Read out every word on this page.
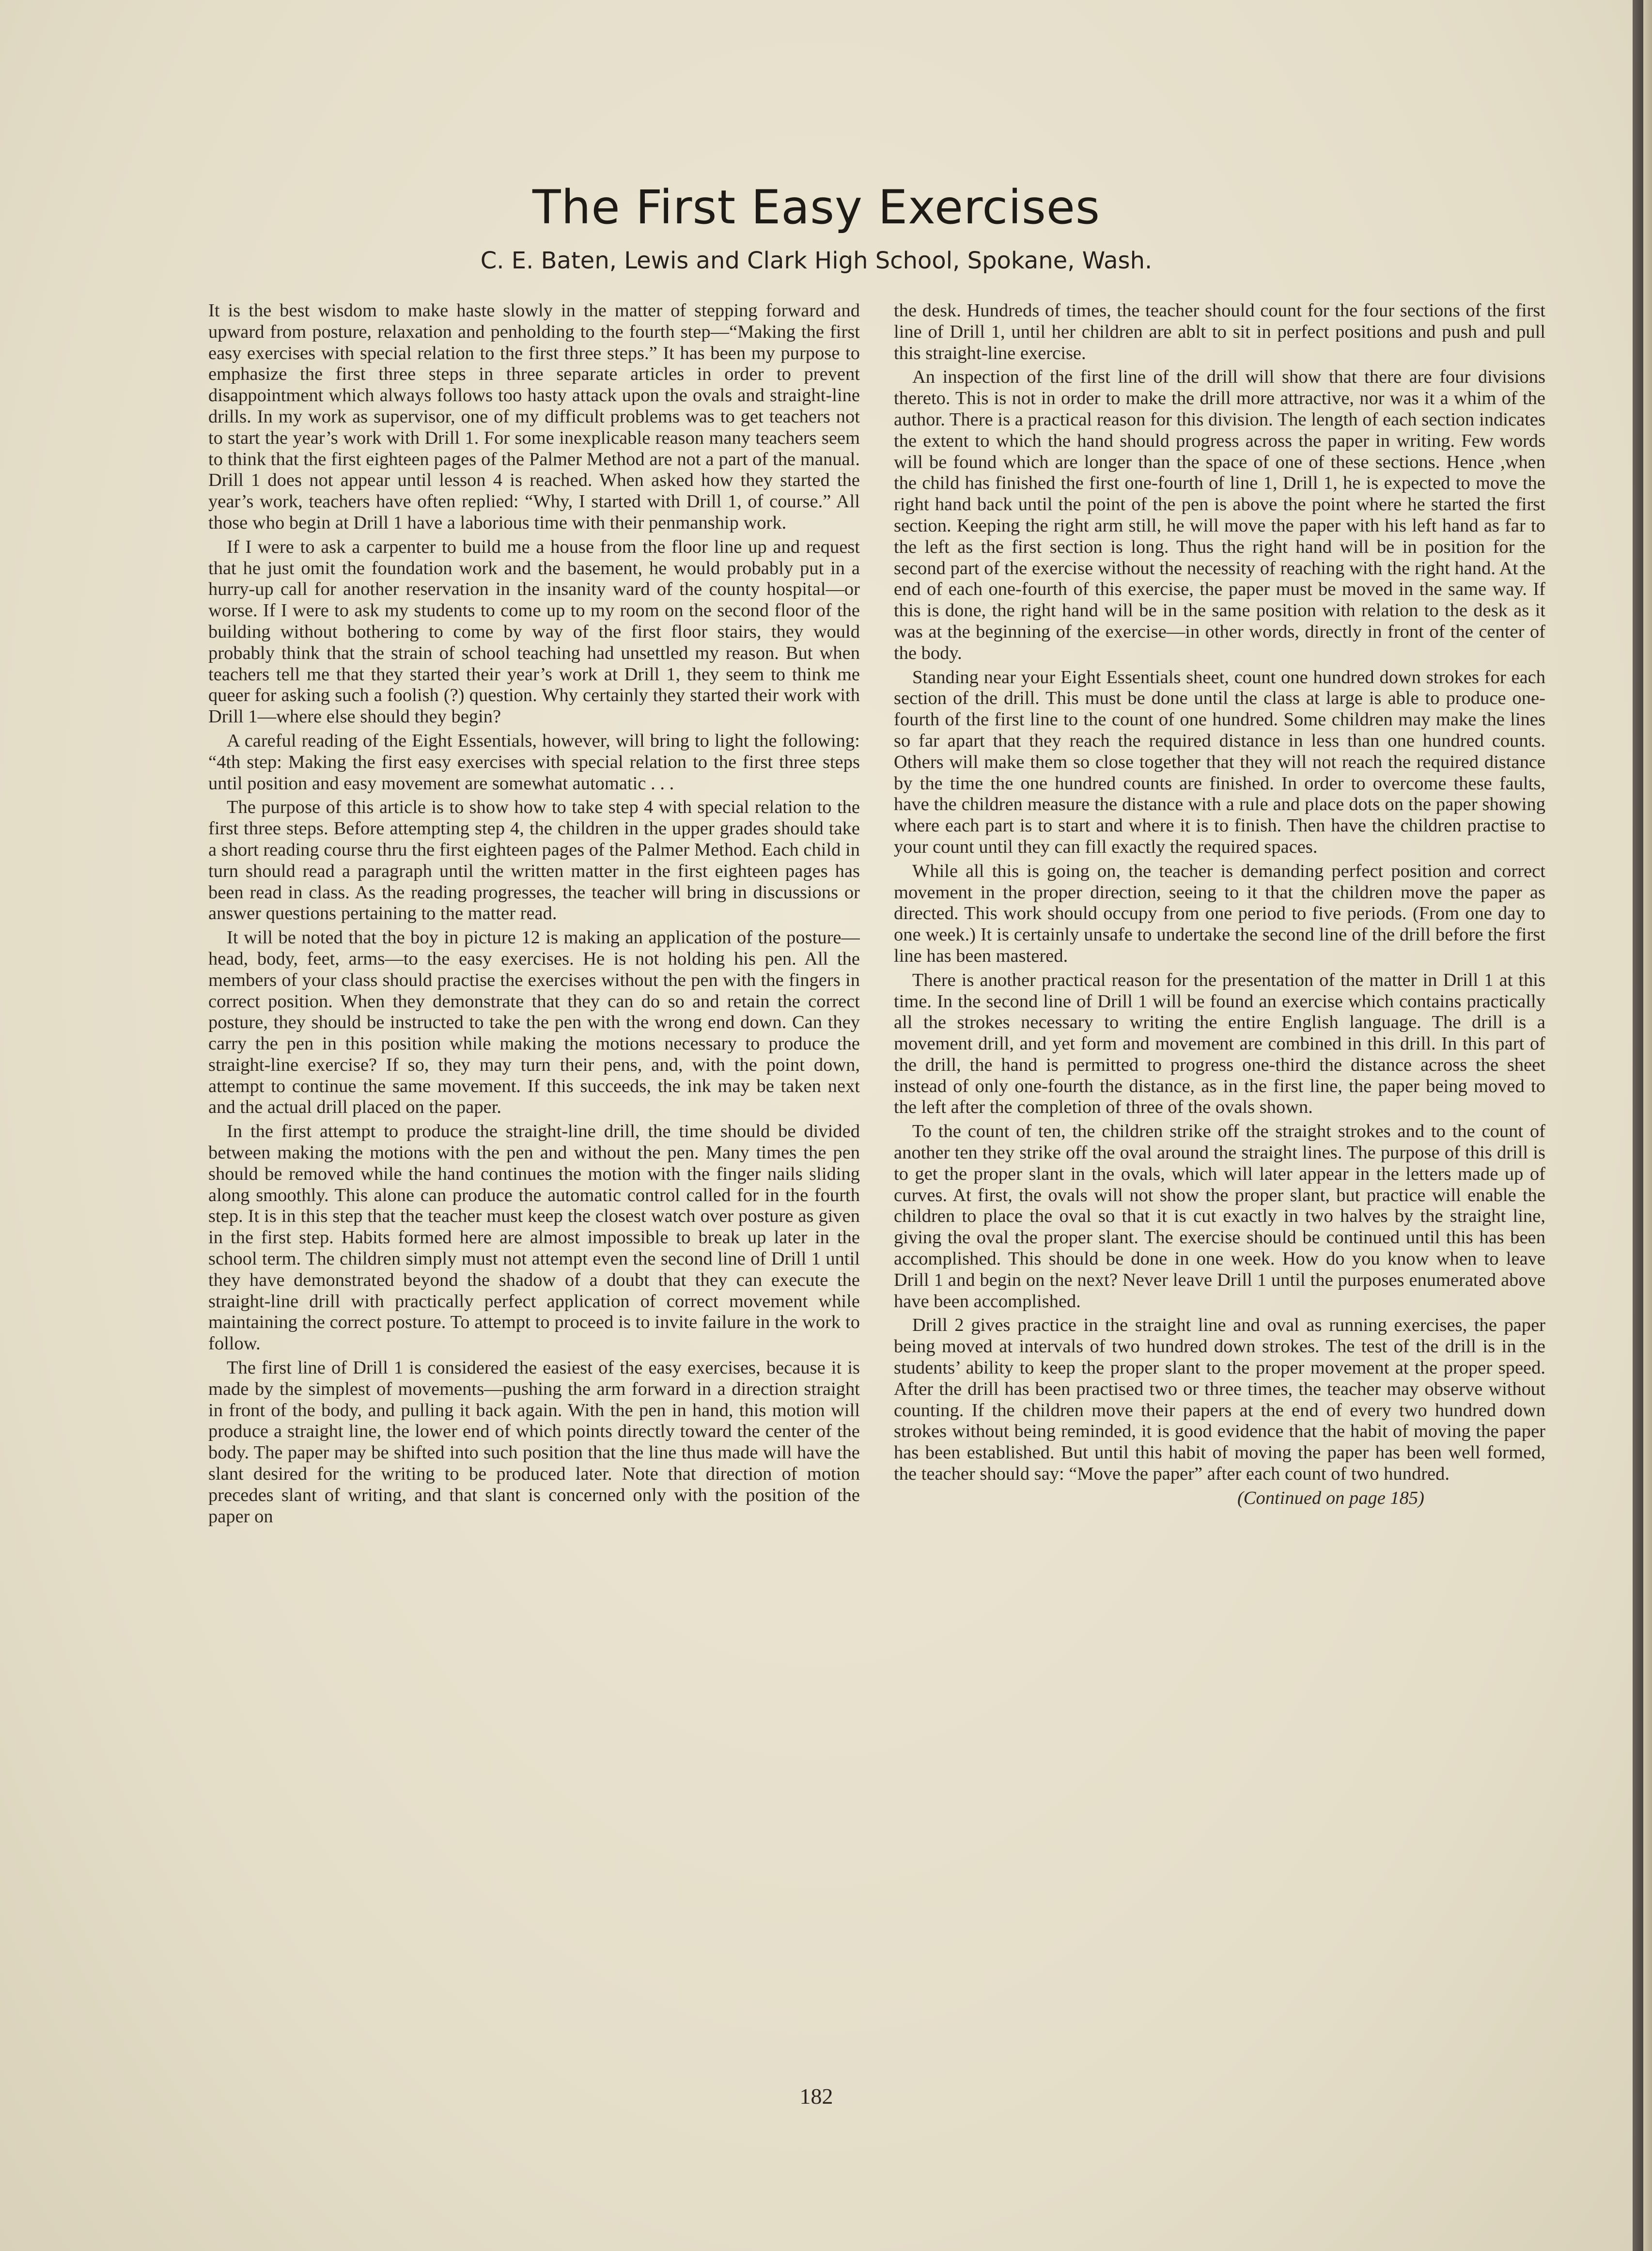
The First Easy Exercises
C. E. Baten, Lewis and Clark High School, Spokane, Wash.

It is the best wisdom to make haste slowly in the matter of stepping forward and upward from posture, relaxation and penholding to the fourth step—“Making the first easy exercises with special relation to the first three steps.” It has been my purpose to emphasize the first three steps in three separate articles in order to prevent disappointment which always follows too hasty attack upon the ovals and straight-line drills. In my work as supervisor, one of my difficult problems was to get teachers not to start the year’s work with Drill 1. For some inexplicable reason many teachers seem to think that the first eighteen pages of the Palmer Method are not a part of the manual. Drill 1 does not appear until lesson 4 is reached. When asked how they started the year’s work, teachers have often replied: “Why, I started with Drill 1, of course.” All those who begin at Drill 1 have a laborious time with their penmanship work.

If I were to ask a carpenter to build me a house from the floor line up and request that he just omit the foundation work and the basement, he would probably put in a hurry-up call for another reservation in the insanity ward of the county hospital—or worse. If I were to ask my students to come up to my room on the second floor of the building without bothering to come by way of the first floor stairs, they would probably think that the strain of school teaching had unsettled my reason. But when teachers tell me that they started their year’s work at Drill 1, they seem to think me queer for asking such a foolish (?) question. Why certainly they started their work with Drill 1—where else should they begin?

A careful reading of the Eight Essentials, however, will bring to light the following: “4th step: Making the first easy exercises with special relation to the first three steps until position and easy movement are somewhat automatic . . .

The purpose of this article is to show how to take step 4 with special relation to the first three steps. Before attempting step 4, the children in the upper grades should take a short reading course thru the first eighteen pages of the Palmer Method. Each child in turn should read a paragraph until the written matter in the first eighteen pages has been read in class. As the reading progresses, the teacher will bring in discussions or answer questions pertaining to the matter read.

It will be noted that the boy in picture 12 is making an application of the posture—head, body, feet, arms—to the easy exercises. He is not holding his pen. All the members of your class should practise the exercises without the pen with the fingers in correct position. When they demonstrate that they can do so and retain the correct posture, they should be instructed to take the pen with the wrong end down. Can they carry the pen in this position while making the motions necessary to produce the straight-line exercise? If so, they may turn their pens, and, with the point down, attempt to continue the same movement. If this succeeds, the ink may be taken next and the actual drill placed on the paper.

In the first attempt to produce the straight-line drill, the time should be divided between making the motions with the pen and without the pen. Many times the pen should be removed while the hand continues the motion with the finger nails sliding along smoothly. This alone can produce the automatic control called for in the fourth step. It is in this step that the teacher must keep the closest watch over posture as given in the first step. Habits formed here are almost impossible to break up later in the school term. The children simply must not attempt even the second line of Drill 1 until they have demonstrated beyond the shadow of a doubt that they can execute the straight-line drill with practically perfect application of correct movement while maintaining the correct posture. To attempt to proceed is to invite failure in the work to follow.

The first line of Drill 1 is considered the easiest of the easy exercises, because it is made by the simplest of movements—pushing the arm forward in a direction straight in front of the body, and pulling it back again. With the pen in hand, this motion will produce a straight line, the lower end of which points directly toward the center of the body. The paper may be shifted into such position that the line thus made will have the slant desired for the writing to be produced later. Note that direction of motion precedes slant of writing, and that slant is concerned only with the position of the paper on

the desk. Hundreds of times, the teacher should count for the four sections of the first line of Drill 1, until her children are ablt to sit in perfect positions and push and pull this straight-line exercise.

An inspection of the first line of the drill will show that there are four divisions thereto. This is not in order to make the drill more attractive, nor was it a whim of the author. There is a practical reason for this division. The length of each section indicates the extent to which the hand should progress across the paper in writing. Few words will be found which are longer than the space of one of these sections. Hence ,when the child has finished the first one-fourth of line 1, Drill 1, he is expected to move the right hand back until the point of the pen is above the point where he started the first section. Keeping the right arm still, he will move the paper with his left hand as far to the left as the first section is long. Thus the right hand will be in position for the second part of the exercise without the necessity of reaching with the right hand. At the end of each one-fourth of this exercise, the paper must be moved in the same way. If this is done, the right hand will be in the same position with relation to the desk as it was at the beginning of the exercise—in other words, directly in front of the center of the body.

Standing near your Eight Essentials sheet, count one hundred down strokes for each section of the drill. This must be done until the class at large is able to produce one-fourth of the first line to the count of one hundred. Some children may make the lines so far apart that they reach the required distance in less than one hundred counts. Others will make them so close together that they will not reach the required distance by the time the one hundred counts are finished. In order to overcome these faults, have the children measure the distance with a rule and place dots on the paper showing where each part is to start and where it is to finish. Then have the children practise to your count until they can fill exactly the required spaces.

While all this is going on, the teacher is demanding perfect position and correct movement in the proper direction, seeing to it that the children move the paper as directed. This work should occupy from one period to five periods. (From one day to one week.) It is certainly unsafe to undertake the second line of the drill before the first line has been mastered.

There is another practical reason for the presentation of the matter in Drill 1 at this time. In the second line of Drill 1 will be found an exercise which contains practically all the strokes necessary to writing the entire English language. The drill is a movement drill, and yet form and movement are combined in this drill. In this part of the drill, the hand is permitted to progress one-third the distance across the sheet instead of only one-fourth the distance, as in the first line, the paper being moved to the left after the completion of three of the ovals shown.

To the count of ten, the children strike off the straight strokes and to the count of another ten they strike off the oval around the straight lines. The purpose of this drill is to get the proper slant in the ovals, which will later appear in the letters made up of curves. At first, the ovals will not show the proper slant, but practice will enable the children to place the oval so that it is cut exactly in two halves by the straight line, giving the oval the proper slant. The exercise should be continued until this has been accomplished. This should be done in one week. How do you know when to leave Drill 1 and begin on the next? Never leave Drill 1 until the purposes enumerated above have been accomplished.

Drill 2 gives practice in the straight line and oval as running exercises, the paper being moved at intervals of two hundred down strokes. The test of the drill is in the students’ ability to keep the proper slant to the proper movement at the proper speed. After the drill has been practised two or three times, the teacher may observe without counting. If the children move their papers at the end of every two hundred down strokes without being reminded, it is good evidence that the habit of moving the paper has been established. But until this habit of moving the paper has been well formed, the teacher should say: “Move the paper” after each count of two hundred.

(Continued on page 185)
182
